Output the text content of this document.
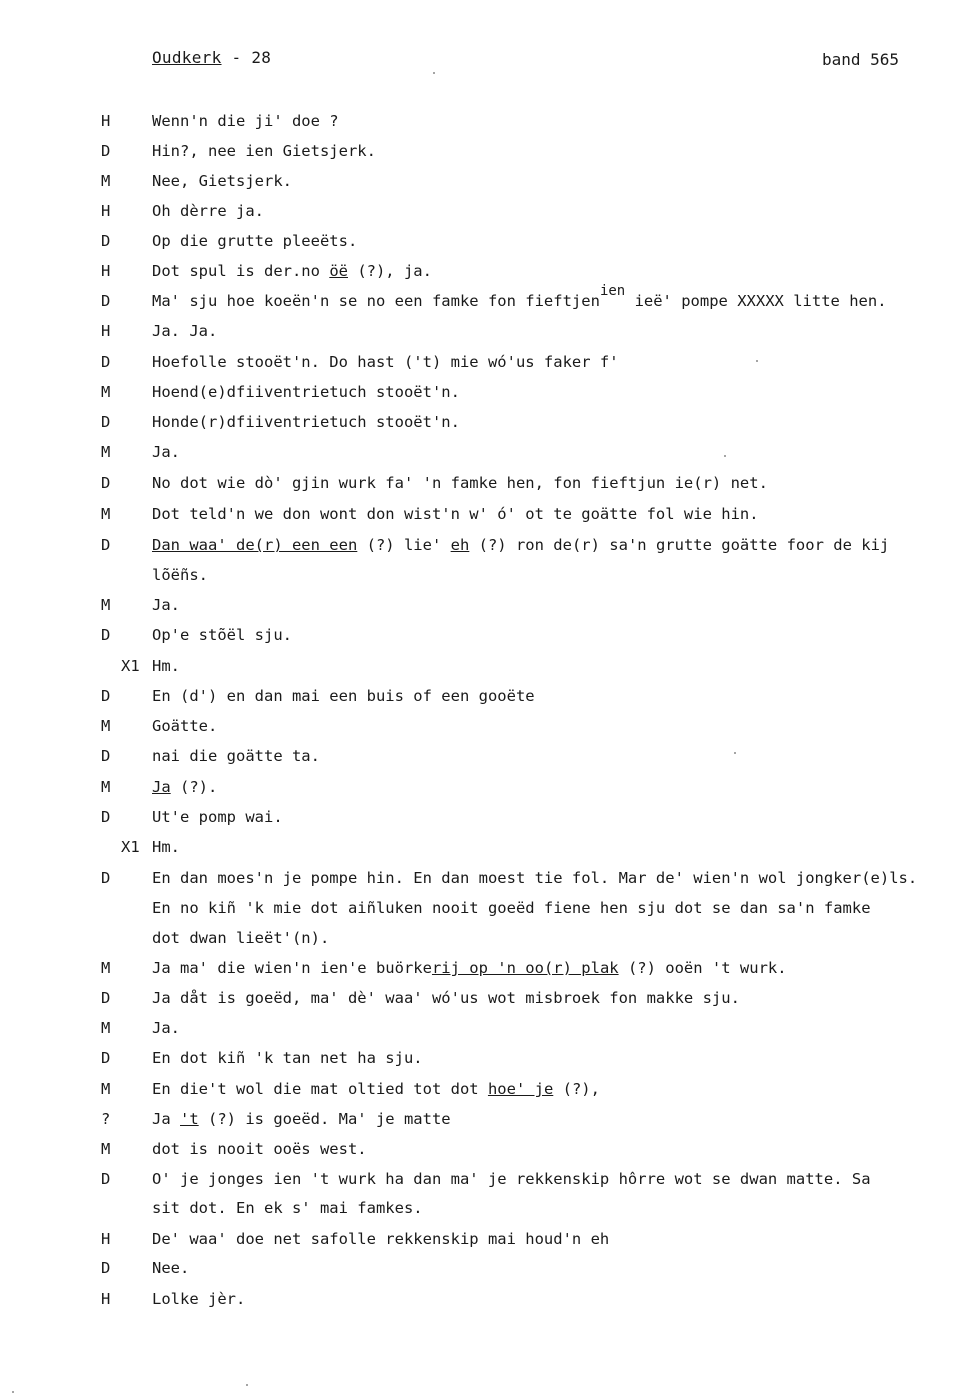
Oudkerk - 28	band 565
H	Wenn'n die ji' doe ?
D	Hin?, nee ien Gietsjerk.
M	Nee, Gietsjerk.
H	Oh dèrre ja.
D	Op die grutte pleeëts.
H	Dot spul is der.no öë (?), ja.
D	Ma' sju hoe koeën'n se no een famke fon fieftjenien ieë' pompe XXXXX litte hen.
H	Ja. Ja.
D	Hoefolle stooët'n. Do hast ('t) mie wó'us faker f'
M	Hoend(e)dfiiventrietuch stooët'n.
D	Honde(r)dfiiventrietuch stooët'n.
M	Ja.
D	No dot wie dò' gjin wurk fa' 'n famke hen, fon fieftjun ie(r) net.
M	Dot teld'n we don wont don wist'n w' ó' ot te goätte fol wie hin.
D	Dan waa' de(r) een een (?) lie' eh (?) ron de(r) sa'n grutte goätte foor de kij
lõëñs.
M	Ja.
D	Op'e stõël sju.
X1 Hm.
D	En (d') en dan mai een buis of een gooëte
M	Goätte.
D	nai die goätte ta.
M	Ja (?).
D	Ut'e pomp wai.
X1 Hm.
D	En dan moes'n je pompe hin. En dan moest tie fol. Mar de' wien'n wol jongker(e)ls.
En no kiñ 'k mie dot aiñluken nooit goeëd fiene hen sju dot se dan sa'n famke
dot dwan lieët'(n).
M	Ja ma' die wien'n ien'e buörkerij op 'n oo(r) plak (?) ooën 't wurk.
D	Ja dåt is goeëd, ma' dè' waa' wó'us wot misbroek fon makke sju.
M	Ja.
D	En dot kiñ 'k tan net ha sju.
M	En die't wol die mat oltied tot dot hoe' je (?),
?	Ja 't (?) is goeëd. Ma' je matte
M	dot is nooit ooës west.
D	O' je jonges ien 't wurk ha dan ma' je rekkenskip hôrre wot se dwan matte. Sa
sit dot. En ek s' mai famkes.
H	De' waa' doe net safolle rekkenskip mai houd'n eh
D	Nee.
H	Lolke jèr.
